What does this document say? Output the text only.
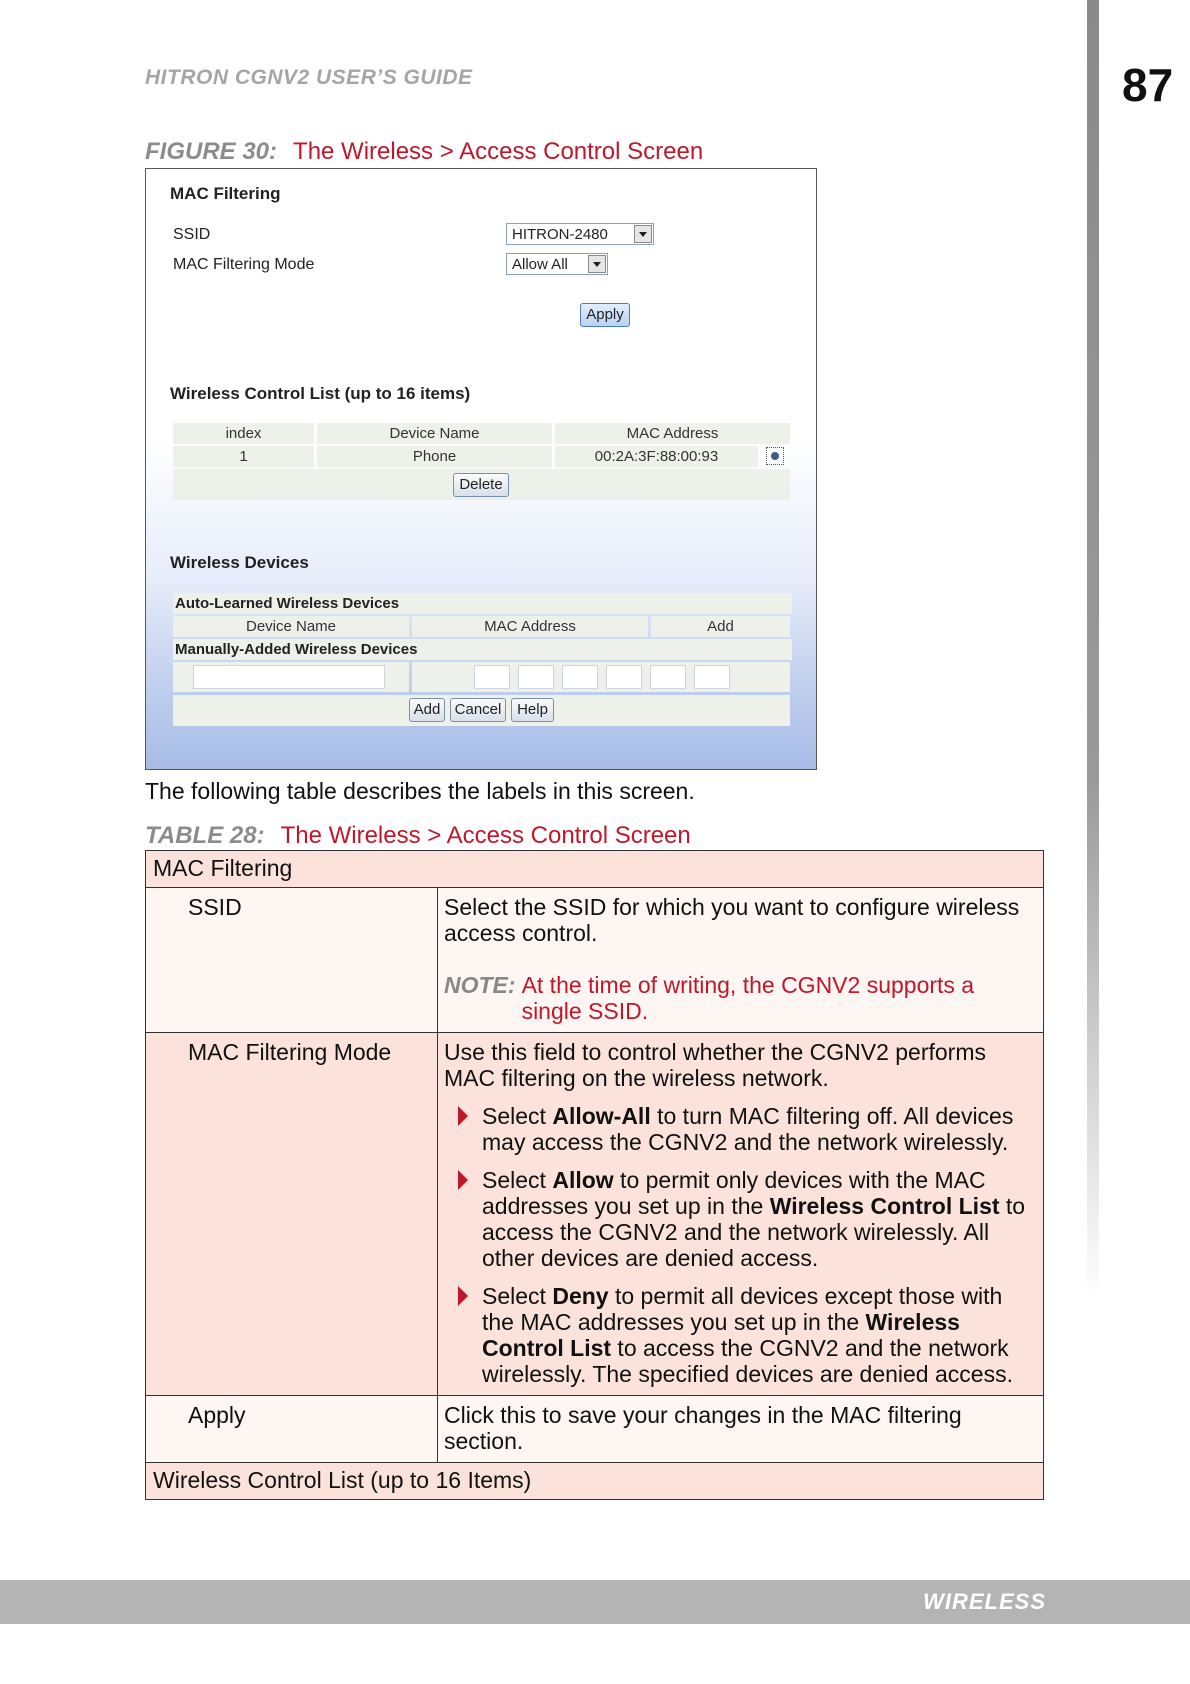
HITRON CGNV2 USER’S GUIDE	87
FIGURE 30: The Wireless > Access Control Screen
MAC Filtering
SSID	HITRON-2480
MAC Filtering Mode	Allow All
Apply
Wireless Control List (up to 16 items)
index	Device Name	MAC Address
1	Phone	00:2A:3F:88:00:93
Delete
Wireless Devices
Auto-Learned Wireless Devices
Device Name	MAC Address	Add
Manually-Added Wireless Devices
Add Cancel	Help
The following table describes the labels in this screen.
TABLE 28: The Wireless > Access Control Screen
MAC Filtering	
SSID	Select the SSID for which you want to configure wireless access control.
NOTE: At the time of writing, the CGNV2 supports a single SSID.

MAC Filtering Mode	Use this field to control whether the CGNV2 performs MAC filtering on the wireless network.
Select Allow-All to turn MAC filtering off. All devices may access the CGNV2 and the network wirelessly.
Select Allow to permit only devices with the MAC addresses you set up in the Wireless Control List to access the CGNV2 and the network wirelessly. All other devices are denied access.
Select Deny to permit all devices except those with the MAC addresses you set up in the Wireless Control List to access the CGNV2 and the network wirelessly. The specified devices are denied access.

Apply	Click this to save your changes in the MAC filtering section.
Wireless Control List (up to 16 Items)	
WIRELESS
